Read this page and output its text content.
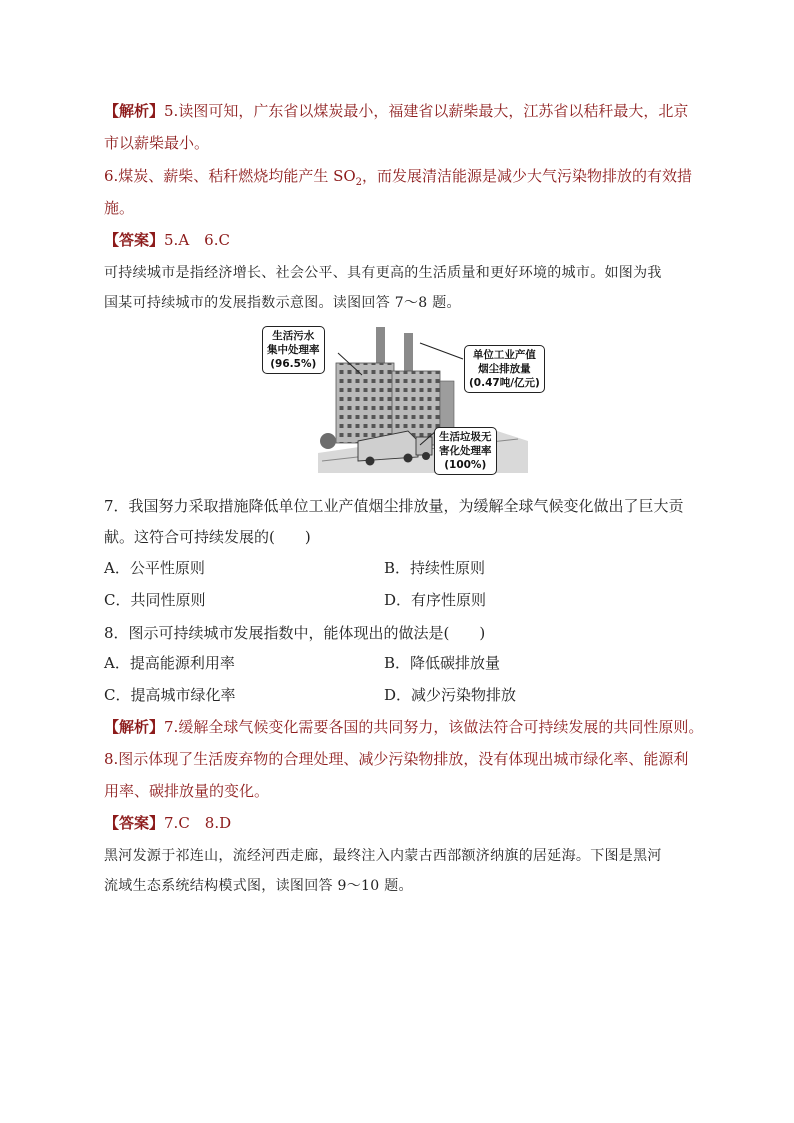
【解析】5.读图可知，广东省以煤炭最小，福建省以薪柴最大，江苏省以秸秆最大，北京
市以薪柴最小。
6.煤炭、薪柴、秸秆燃烧均能产生 $SO_2$，而发展清洁能源是减少大气污染物排放的有效措
施。
【答案】5.A　6.C
可持续城市是指经济增长、社会公平、具有更高的生活质量和更好环境的城市。如图为我
国某可持续城市的发展指数示意图。读图回答 7～8 题。
生活污水
集中处理率
(96.5%)
单位工业产值
烟尘排放量
(0.47吨/亿元)
生活垃圾无
害化处理率
(100%)
7．我国努力采取措施降低单位工业产值烟尘排放量，为缓解全球气候变化做出了巨大贡
献。这符合可持续发展的(　　)
A．公平性原则	B．持续性原则
C．共同性原则	D．有序性原则
8．图示可持续城市发展指数中，能体现出的做法是(　　)
A．提高能源利用率	B．降低碳排放量
C．提高城市绿化率	D．减少污染物排放
【解析】7.缓解全球气候变化需要各国的共同努力，该做法符合可持续发展的共同性原则。
8.图示体现了生活废弃物的合理处理、减少污染物排放，没有体现出城市绿化率、能源利
用率、碳排放量的变化。
【答案】7.C　8.D
黑河发源于祁连山，流经河西走廊，最终注入内蒙古西部额济纳旗的居延海。下图是黑河
流域生态系统结构模式图，读图回答 9～10 题。
